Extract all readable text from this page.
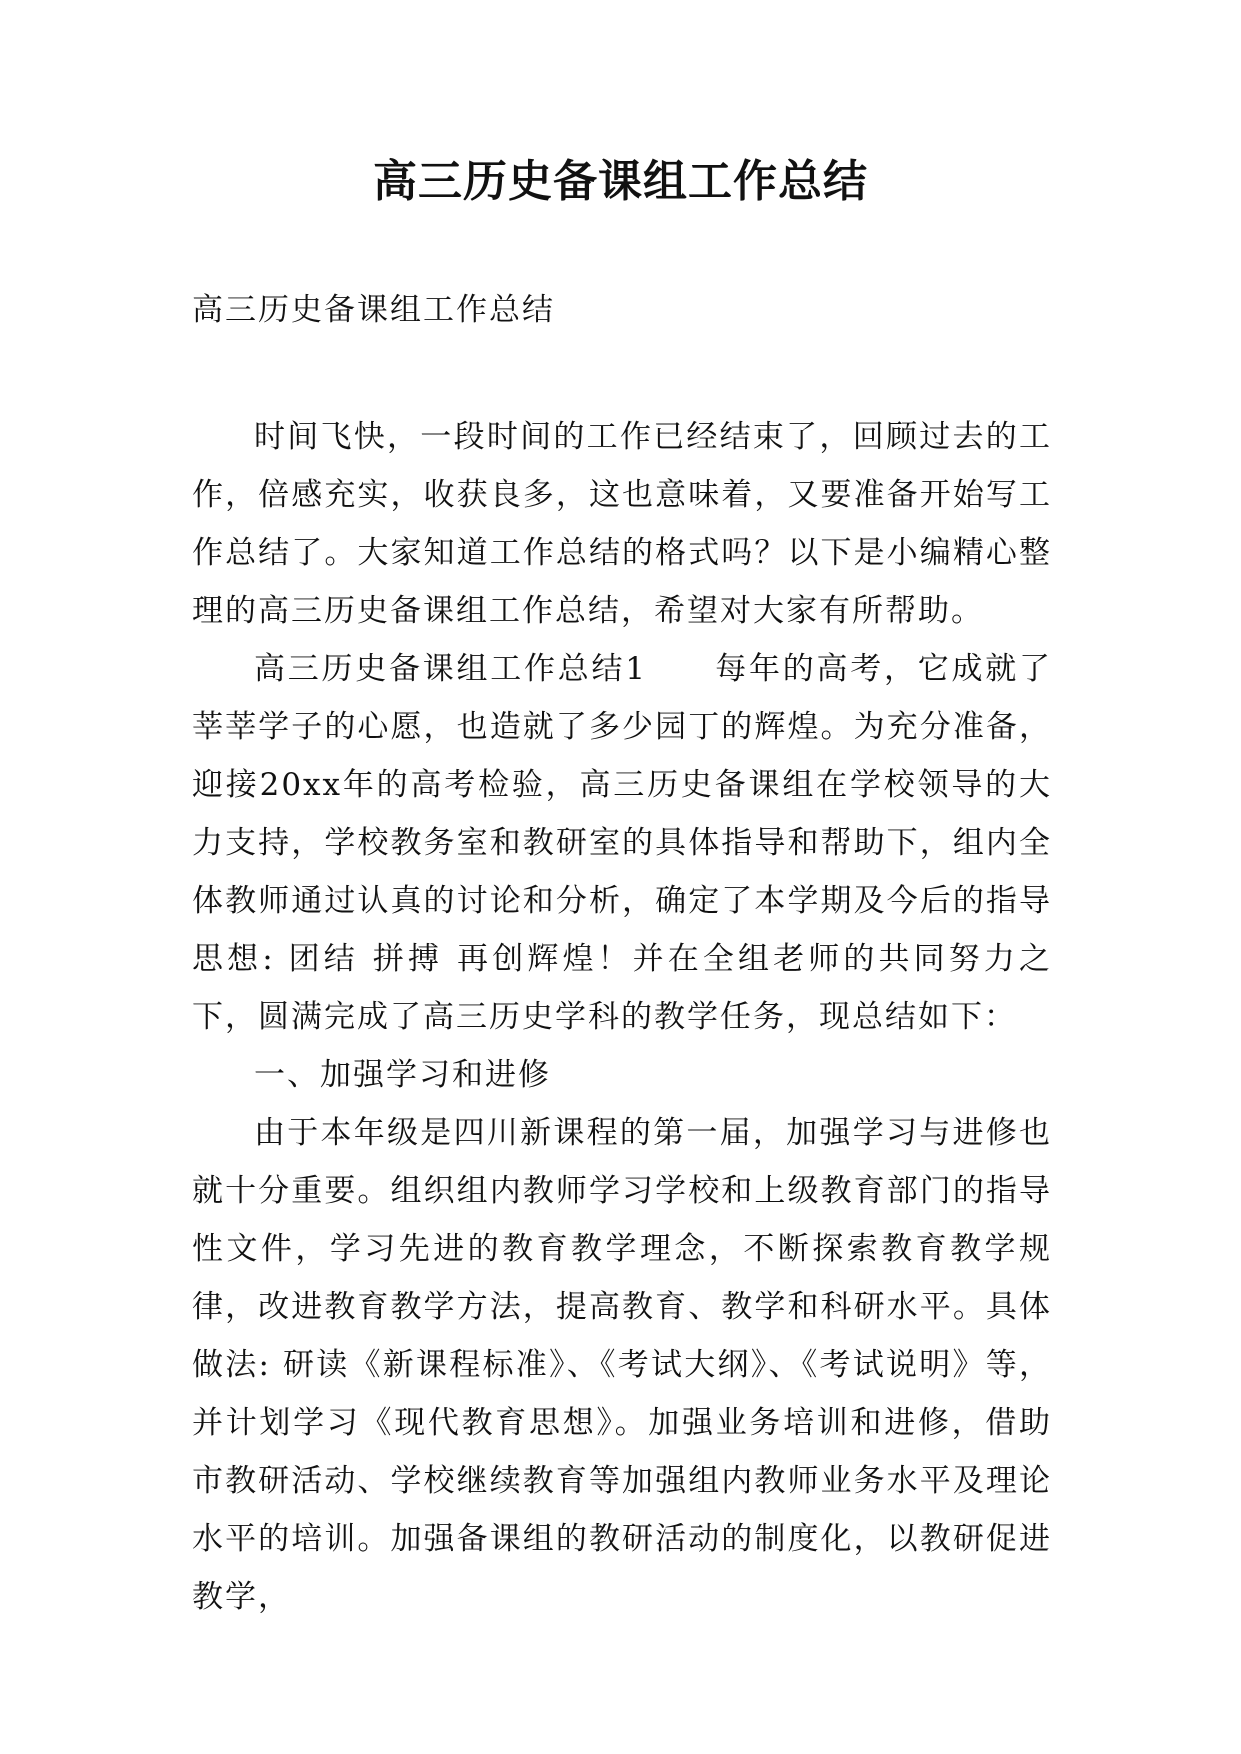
高三历史备课组工作总结
高三历史备课组工作总结

时间飞快，一段时间的工作已经结束了，回顾过去的工作，倍感充实，收获良多，这也意味着，又要准备开始写工作总结了。大家知道工作总结的格式吗？以下是小编精心整理的高三历史备课组工作总结，希望对大家有所帮助。

高三历史备课组工作总结1　　每年的高考，它成就了莘莘学子的心愿，也造就了多少园丁的辉煌。为充分准备，迎接20xx年的高考检验，高三历史备课组在学校领导的大力支持，学校教务室和教研室的具体指导和帮助下，组内全体教师通过认真的讨论和分析，确定了本学期及今后的指导思想: 团结 拼搏 再创辉煌！并在全组老师的共同努力之下，圆满完成了高三历史学科的教学任务，现总结如下：

一、加强学习和进修

由于本年级是四川新课程的第一届，加强学习与进修也就十分重要。组织组内教师学习学校和上级教育部门的指导性文件，学习先进的教育教学理念，不断探索教育教学规律，改进教育教学方法，提高教育、教学和科研水平。具体做法: 研读《新课程标准》、《考试大纲》、《考试说明》等，并计划学习《现代教育思想》。加强业务培训和进修，借助市教研活动、学校继续教育等加强组内教师业务水平及理论水平的培训。加强备课组的教研活动的制度化，以教研促进教学，
